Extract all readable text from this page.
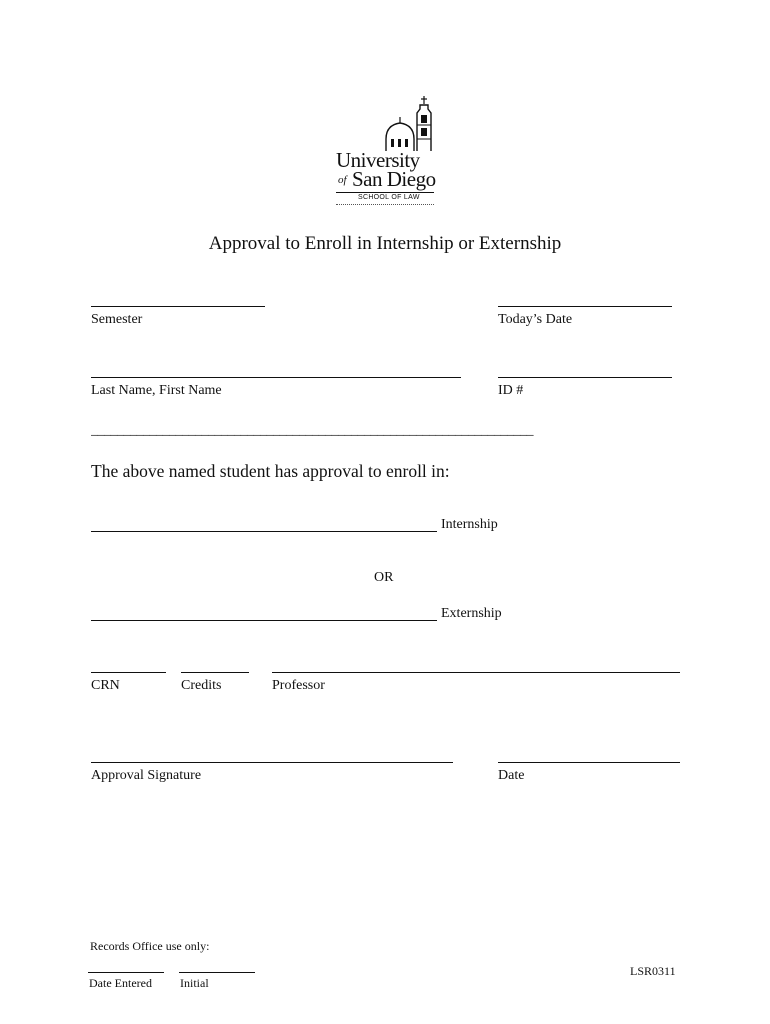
University
of San Diego
SCHOOL OF LAW
Approval to Enroll in Internship or Externship
Semester	Today’s Date
Last Name, First Name	ID #
____________________________________________________________________
The above named student has approval to enroll in:
Internship
OR
Externship
CRN	Credits	Professor
Approval Signature	Date
Records Office use only:
Date Entered Initial
LSR0311
